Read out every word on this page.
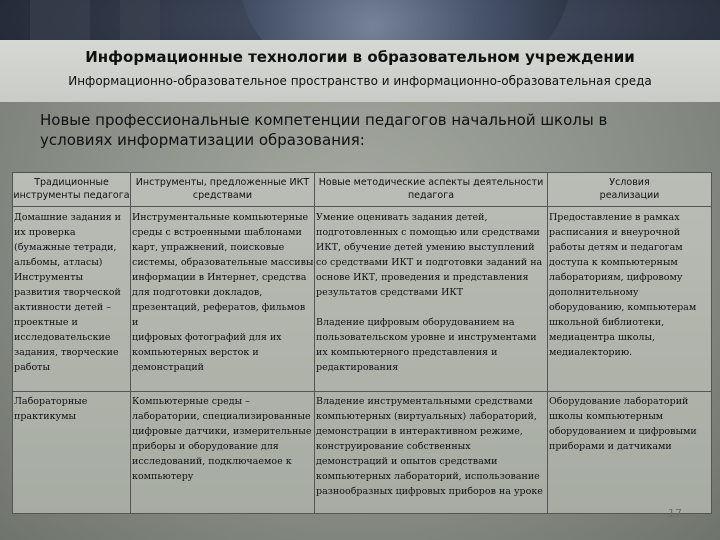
Информационные технологии в образовательном учреждении
Информационно-образовательное пространство и информационно-образовательная среда
Новые профессиональные компетенции педагогов начальной школы в условиях информатизации образования:
Традиционные
инструменты педагога
Инструменты, предложенные ИКТ
средствами
Новые методические аспекты деятельности
педагога
Условия
реализации
Домашние задания и
их проверка
(бумажные тетради,
альбомы, атласы)
Инструменты
развития творческой
активности детей –
проектные и
исследовательские
задания, творческие
работы
Инструментальные компьютерные
среды с встроенными шаблонами
карт, упражнений, поисковые
системы, образовательные массивы
информации в Интернет, средства
для подготовки докладов,
презентаций, рефератов, фильмов и
цифровых фотографий для их
компьютерных версток и
демонстраций
Умение оценивать задания детей,
подготовленных с помощью или средствами
ИКТ, обучение детей умению выступлений
со средствами ИКТ и подготовки заданий на
основе ИКТ, проведения и представления
результатов средствами ИКТ

Владение цифровым оборудованием на
пользовательском уровне и инструментами
их компьютерного представления и
редактирования
Предоставление в рамках
расписания и внеурочной
работы детям и педагогам
доступа к компьютерным
лабораториям, цифровому
дополнительному
оборудованию, компьютерам
школьной библиотеки,
медиацентра школы,
медиалекторию.
Лабораторные
практикумы
Компьютерные среды –
лаборатории, специализированные
цифровые датчики, измерительные
приборы и оборудование для
исследований, подключаемое к
компьютеру
Владение инструментальными средствами
компьютерных (виртуальных) лабораторий,
демонстрации в интерактивном режиме,
конструирование собственных
демонстраций и опытов средствами
компьютерных лабораторий, использование
разнообразных цифровых приборов на уроке
Оборудование лабораторий
школы компьютерным
оборудованием и цифровыми
приборами и датчиками
17
